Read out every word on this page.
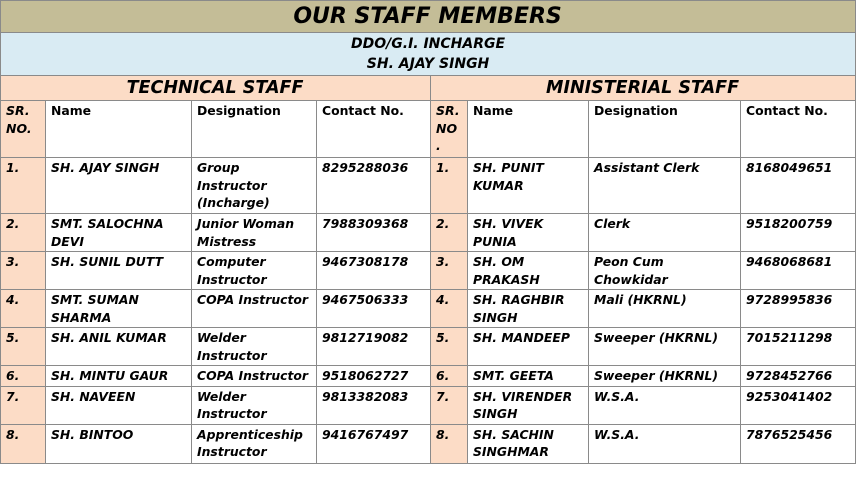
OUR STAFF MEMBERS							

DDO/G.I. INCHARGE
SH. AJAY SINGH							

TECHNICAL STAFF				MINISTERIAL STAFF			
SR. NO.	Name	Designation	Contact No.	SR. NO .	Name	Designation	Contact No.
1.	SH. AJAY SINGH	Group Instructor (Incharge)	8295288036	1.	SH. PUNIT KUMAR	Assistant Clerk	8168049651
2.	SMT. SALOCHNA DEVI	Junior Woman Mistress	7988309368	2.	SH. VIVEK PUNIA	Clerk	9518200759
3.	SH. SUNIL DUTT	Computer Instructor	9467308178	3.	SH. OM PRAKASH	Peon Cum Chowkidar	9468068681
4.	SMT. SUMAN SHARMA	COPA Instructor	9467506333	4.	SH. RAGHBIR SINGH	Mali (HKRNL)	9728995836
5.	SH. ANIL KUMAR	Welder Instructor	9812719082	5.	SH. MANDEEP	Sweeper (HKRNL)	7015211298
6.	SH. MINTU GAUR	COPA Instructor	9518062727	6.	SMT. GEETA	Sweeper (HKRNL)	9728452766
7.	SH. NAVEEN	Welder Instructor	9813382083	7.	SH. VIRENDER SINGH	W.S.A.	9253041402
8.	SH. BINTOO	Apprenticeship Instructor	9416767497	8.	SH. SACHIN SINGHMAR	W.S.A.	7876525456
